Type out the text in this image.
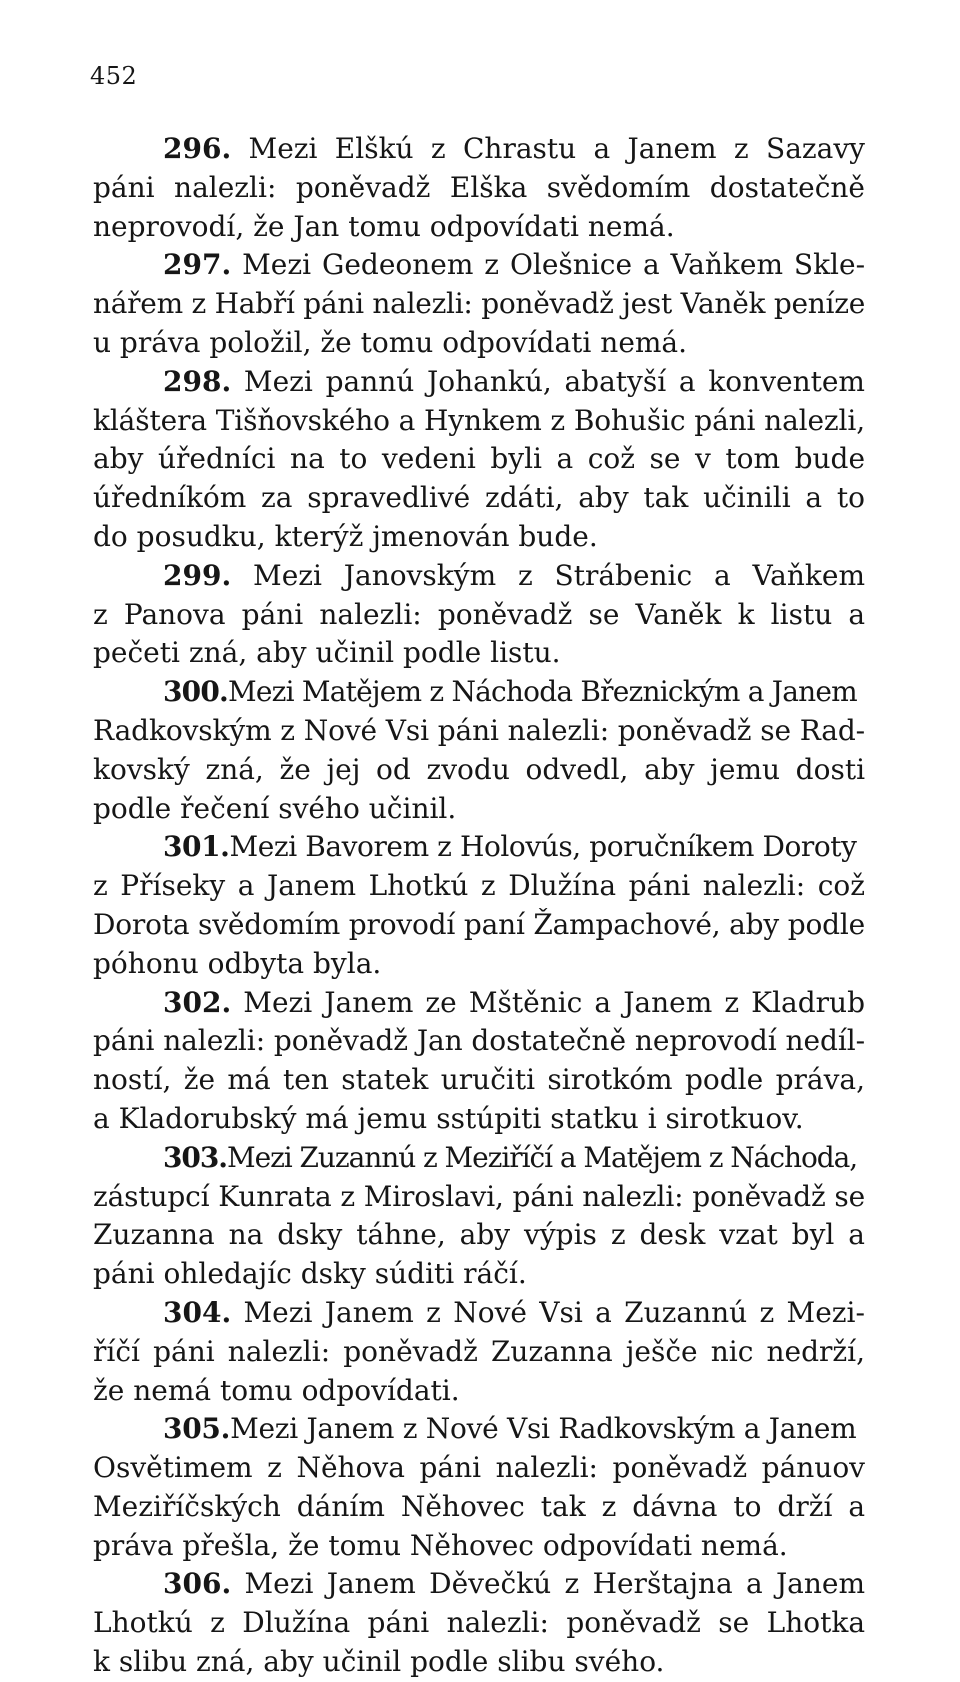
452
296. Mezi Elškú z Chrastu a Janem z Sazavy
páni nalezli: poněvadž Elška svědomím dostatečně
neprovodí, že Jan tomu odpovídati nemá.
297. Mezi Gedeonem z Olešnice a Vaňkem Skle-
nářem z Habří páni nalezli: poněvadž jest Vaněk peníze
u práva položil, že tomu odpovídati nemá.
298. Mezi pannú Johankú, abatyší a konventem
kláštera Tišňovského a Hynkem z Bohušic páni nalezli,
aby úředníci na to vedeni byli a což se v tom bude
úředníkóm za spravedlivé zdáti, aby tak učinili a to
do posudku, kterýž jmenován bude.
299. Mezi Janovským z Strábenic a Vaňkem
z Panova páni nalezli: poněvadž se Vaněk k listu a
pečeti zná, aby učinil podle listu.
300.Mezi Matějem z Náchoda Březnickým a Janem
Radkovským z Nové Vsi páni nalezli: poněvadž se Rad-
kovský zná, že jej od zvodu odvedl, aby jemu dosti
podle řečení svého učinil.
301.Mezi Bavorem z Holovús, poručníkem Doroty
z Příseky a Janem Lhotkú z Dlužína páni nalezli: což
Dorota svědomím provodí paní Žampachové, aby podle
póhonu odbyta byla.
302. Mezi Janem ze Mštěnic a Janem z Kladrub
páni nalezli: poněvadž Jan dostatečně neprovodí nedíl-
ností, že má ten statek uručiti sirotkóm podle práva,
a Kladorubský má jemu sstúpiti statku i sirotkuov.
303.Mezi Zuzannú z Meziříčí a Matějem z Náchoda,
zástupcí Kunrata z Miroslavi, páni nalezli: poněvadž se
Zuzanna na dsky táhne, aby výpis z desk vzat byl a
páni ohledajíc dsky súditi ráčí.
304. Mezi Janem z Nové Vsi a Zuzannú z Mezi-
říčí páni nalezli: poněvadž Zuzanna ješče nic nedrží,
že nemá tomu odpovídati.
305.Mezi Janem z Nové Vsi Radkovským a Janem
Osvětimem z Něhova páni nalezli: poněvadž pánuov
Meziříčských dáním Něhovec tak z dávna to drží a
práva přešla, že tomu Něhovec odpovídati nemá.
306. Mezi Janem Děvečkú z Herštajna a Janem
Lhotkú z Dlužína páni nalezli: poněvadž se Lhotka
k slibu zná, aby učinil podle slibu svého.
